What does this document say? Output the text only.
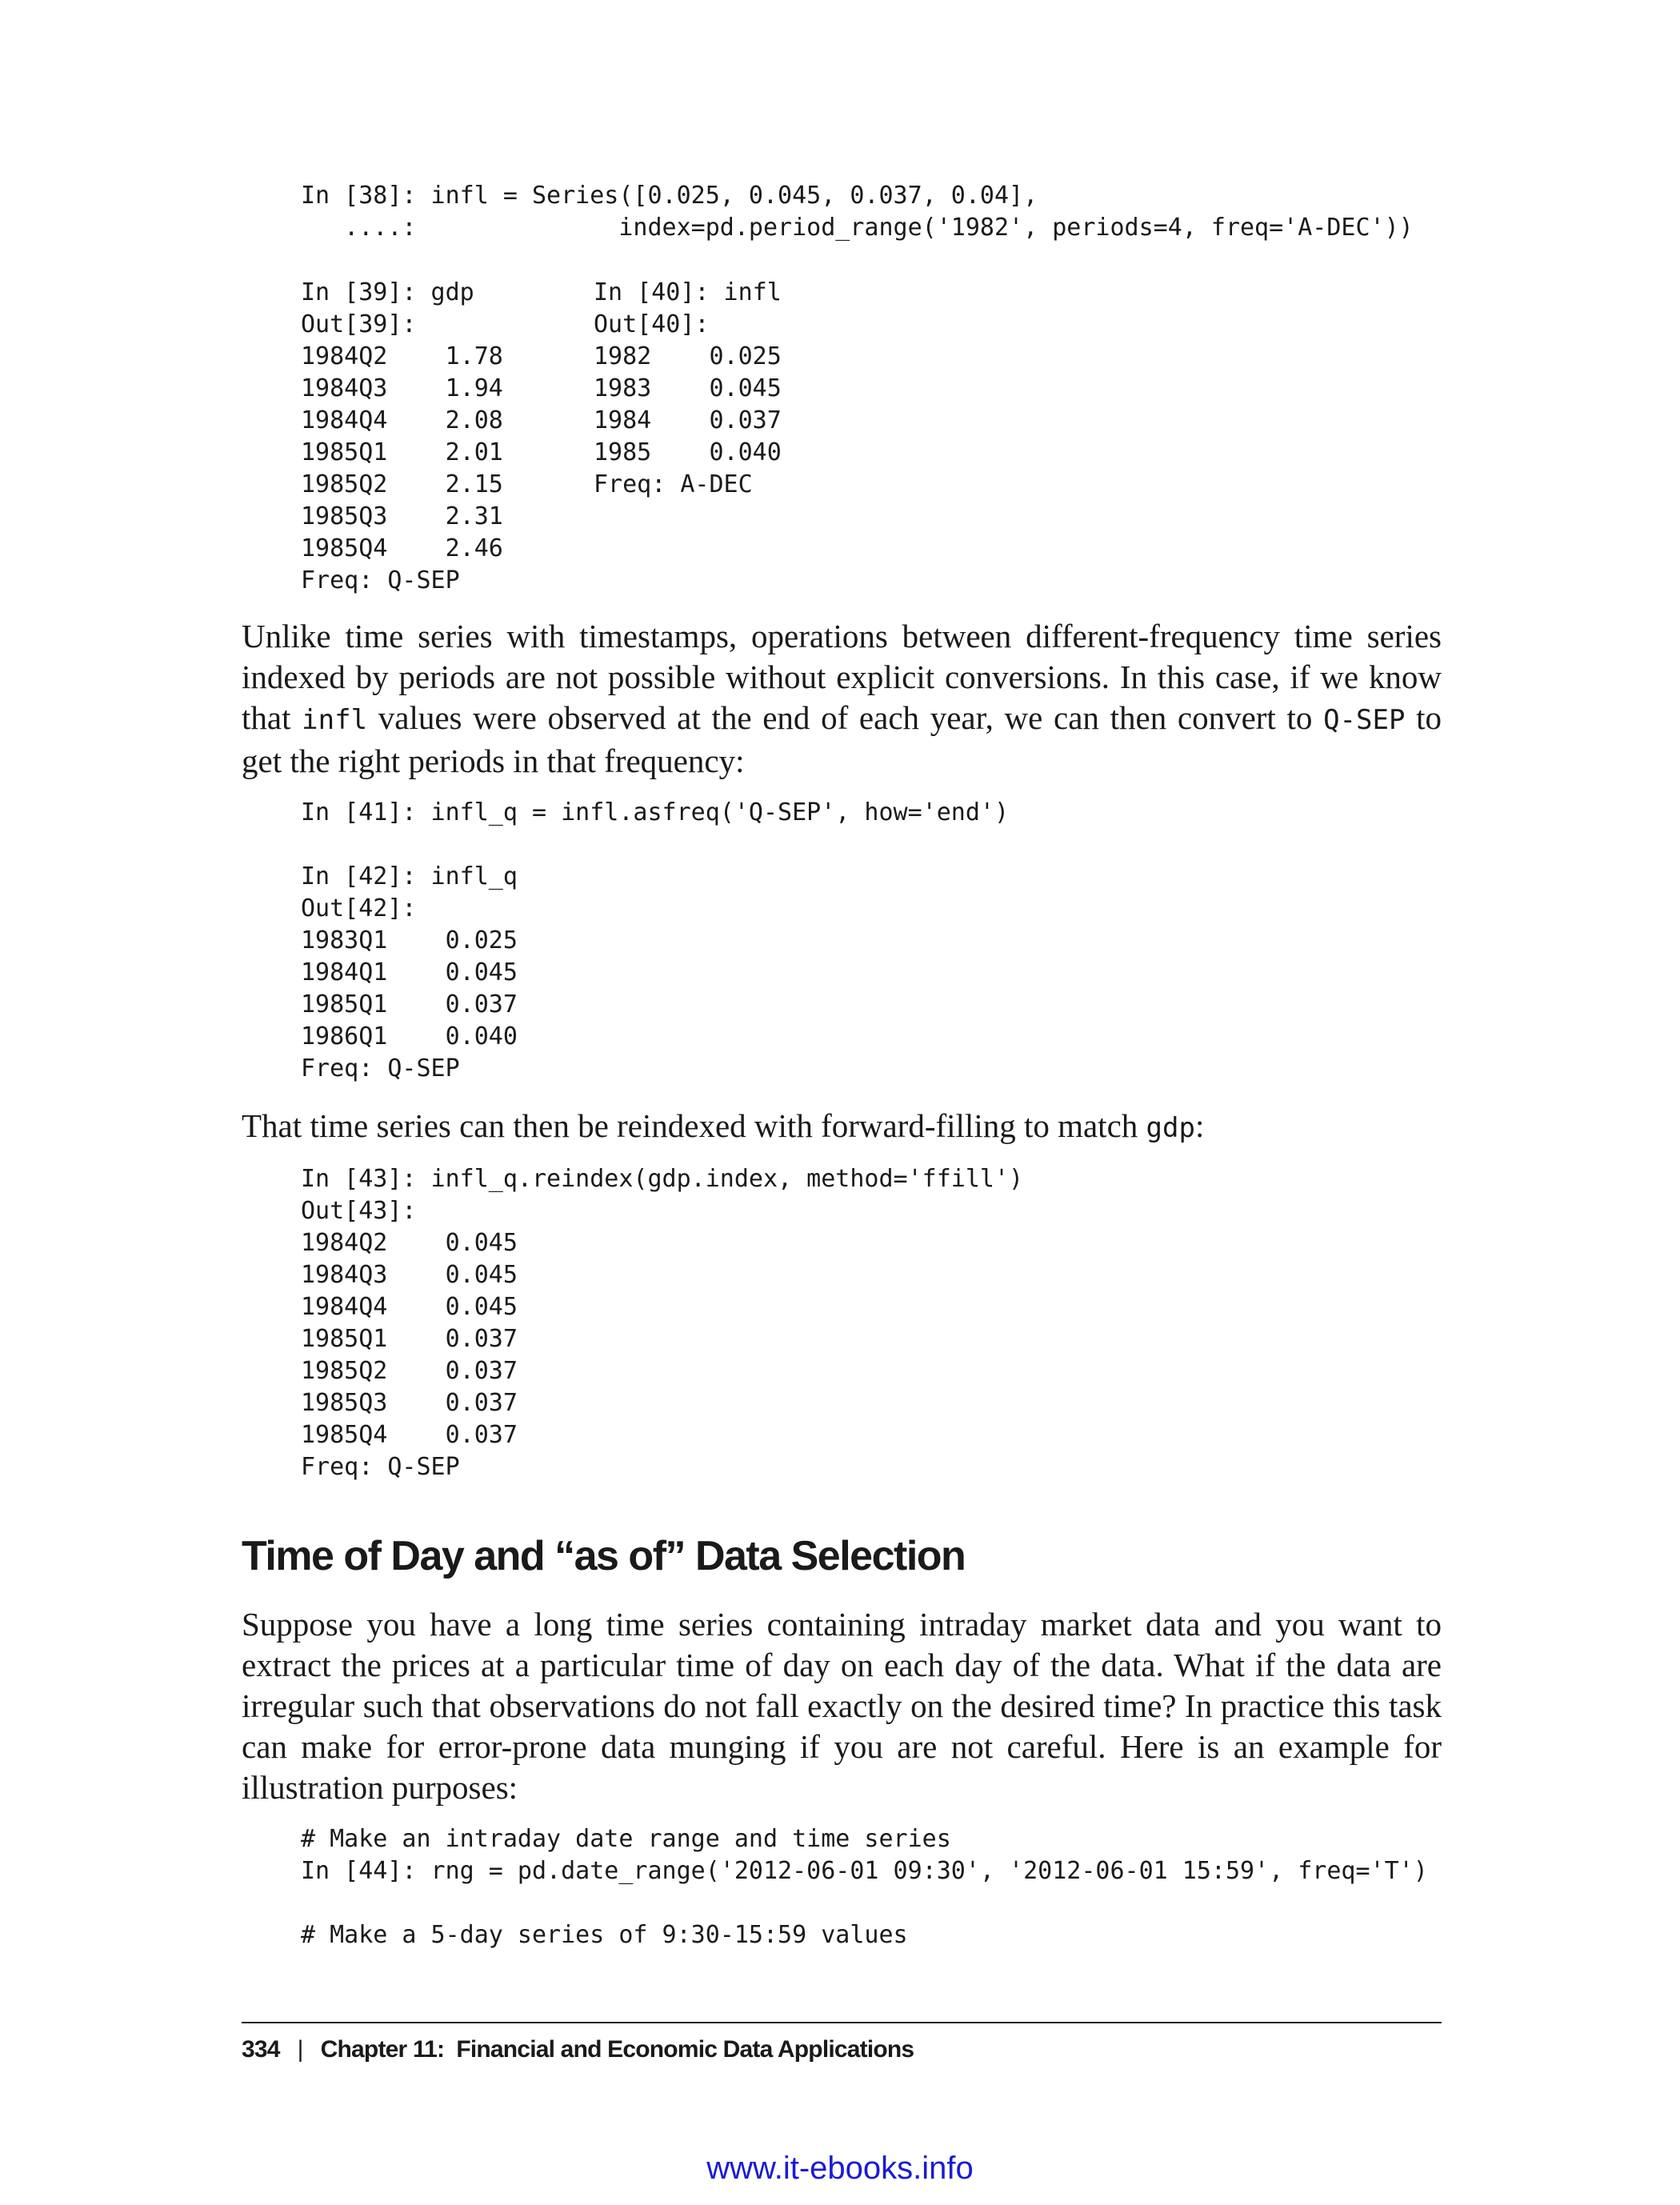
In [38]: infl = Series([0.025, 0.045, 0.037, 0.04],
....:              index=pd.period_range('1982', periods=4, freq='A-DEC'))
In [39]: gdp
Out[39]:
1984Q2    1.78
1984Q3    1.94
1984Q4    2.08
1985Q1    2.01
1985Q2    2.15
1985Q3    2.31
1985Q4    2.46
Freq: Q-SEP
In [40]: infl
Out[40]:
1982    0.025
1983    0.045
1984    0.037
1985    0.040
Freq: A-DEC

Unlike time series with timestamps, operations between different-frequency time series indexed by periods are not possible without explicit conversions. In this case, if we know that infl values were observed at the end of each year, we can then convert to Q-SEP to get the right periods in that frequency:

In [41]: infl_q = infl.asfreq('Q-SEP', how='end')

In [42]: infl_q
Out[42]:
1983Q1    0.025
1984Q1    0.045
1985Q1    0.037
1986Q1    0.040
Freq: Q-SEP

That time series can then be reindexed with forward-filling to match gdp:

In [43]: infl_q.reindex(gdp.index, method='ffill')
Out[43]:
1984Q2    0.045
1984Q3    0.045
1984Q4    0.045
1985Q1    0.037
1985Q2    0.037
1985Q3    0.037
1985Q4    0.037
Freq: Q-SEP
Time of Day and “as of” Data Selection

Suppose you have a long time series containing intraday market data and you want to extract the prices at a particular time of day on each day of the data. What if the data are irregular such that observations do not fall exactly on the desired time? In practice this task can make for error-prone data munging if you are not careful. Here is an example for illustration purposes:

# Make an intraday date range and time series
In [44]: rng = pd.date_range('2012-06-01 09:30', '2012-06-01 15:59', freq='T')

# Make a 5-day series of 9:30-15:59 values
334 | Chapter 11:  Financial and Economic Data Applications
www.it-ebooks.info
